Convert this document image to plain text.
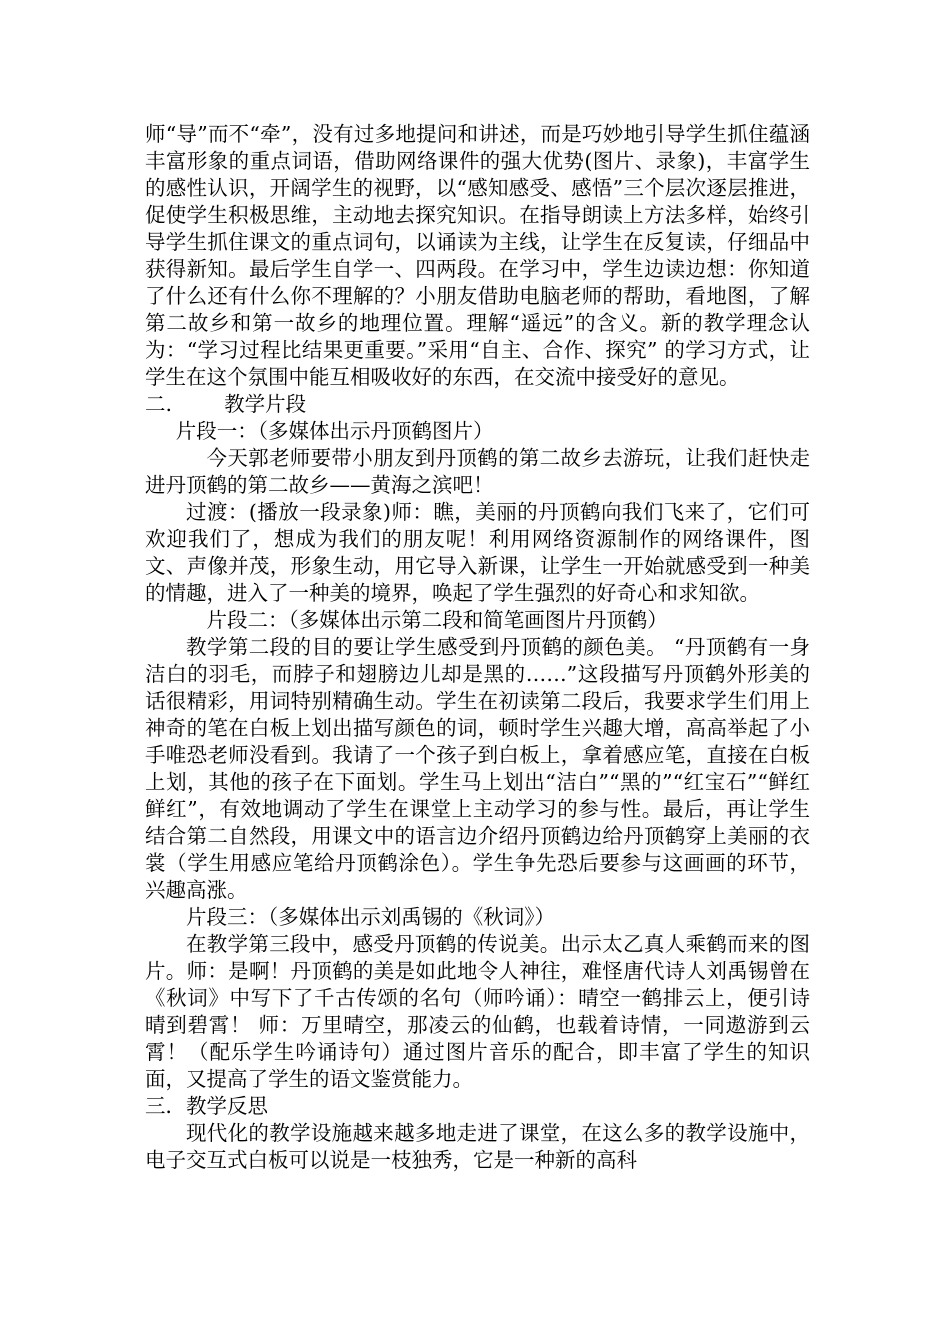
师“导”而不“牵”，没有过多地提问和讲述，而是巧妙地引导学生抓住蕴涵丰富形象的重点词语，借助网络课件的强大优势(图片、录象)，丰富学生的感性认识，开阔学生的视野，以“感知感受、感悟”三个层次逐层推进，促使学生积极思维，主动地去探究知识。在指导朗读上方法多样，始终引导学生抓住课文的重点词句，以诵读为主线，让学生在反复读，仔细品中获得新知。最后学生自学一、四两段。在学习中，学生边读边想：你知道了什么还有什么你不理解的？小朋友借助电脑老师的帮助，看地图，了解第二故乡和第一故乡的地理位置。理解“遥远”的含义。新的教学理念认为：“学习过程比结果更重要。”采用“自主、合作、探究” 的学习方式，让学生在这个氛围中能互相吸收好的东西，在交流中接受好的意见。

二.        教学片段

片段一：（多媒体出示丹顶鹤图片）

今天郭老师要带小朋友到丹顶鹤的第二故乡去游玩，让我们赶快走进丹顶鹤的第二故乡——黄海之滨吧！

过渡：(播放一段录象)师：瞧，美丽的丹顶鹤向我们飞来了，它们可欢迎我们了，想成为我们的朋友呢！利用网络资源制作的网络课件，图文、声像并茂，形象生动，用它导入新课，让学生一开始就感受到一种美的情趣，进入了一种美的境界，唤起了学生强烈的好奇心和求知欲。

片段二：（多媒体出示第二段和简笔画图片丹顶鹤）

教学第二段的目的要让学生感受到丹顶鹤的颜色美。 “丹顶鹤有一身洁白的羽毛，而脖子和翅膀边儿却是黑的……”这段描写丹顶鹤外形美的话很精彩，用词特别精确生动。学生在初读第二段后，我要求学生们用上神奇的笔在白板上划出描写颜色的词，顿时学生兴趣大增，高高举起了小手唯恐老师没看到。我请了一个孩子到白板上，拿着感应笔，直接在白板上划，其他的孩子在下面划。学生马上划出“洁白”“黑的”“红宝石”“鲜红鲜红”，有效地调动了学生在课堂上主动学习的参与性。最后，再让学生结合第二自然段，用课文中的语言边介绍丹顶鹤边给丹顶鹤穿上美丽的衣裳（学生用感应笔给丹顶鹤涂色）。学生争先恐后要参与这画画的环节，兴趣高涨。

片段三：（多媒体出示刘禹锡的《秋词》）

在教学第三段中，感受丹顶鹤的传说美。出示太乙真人乘鹤而来的图片。师：是啊！丹顶鹤的美是如此地令人神往，难怪唐代诗人刘禹锡曾在《秋词》中写下了千古传颂的名句（师吟诵）：晴空一鹤排云上，便引诗晴到碧霄！ 师：万里晴空，那凌云的仙鹤，也载着诗情，一同遨游到云霄！（配乐学生吟诵诗句）通过图片音乐的配合，即丰富了学生的知识面，又提高了学生的语文鉴赏能力。

三．教学反思

现代化的教学设施越来越多地走进了课堂，在这么多的教学设施中，电子交互式白板可以说是一枝独秀，它是一种新的高科
